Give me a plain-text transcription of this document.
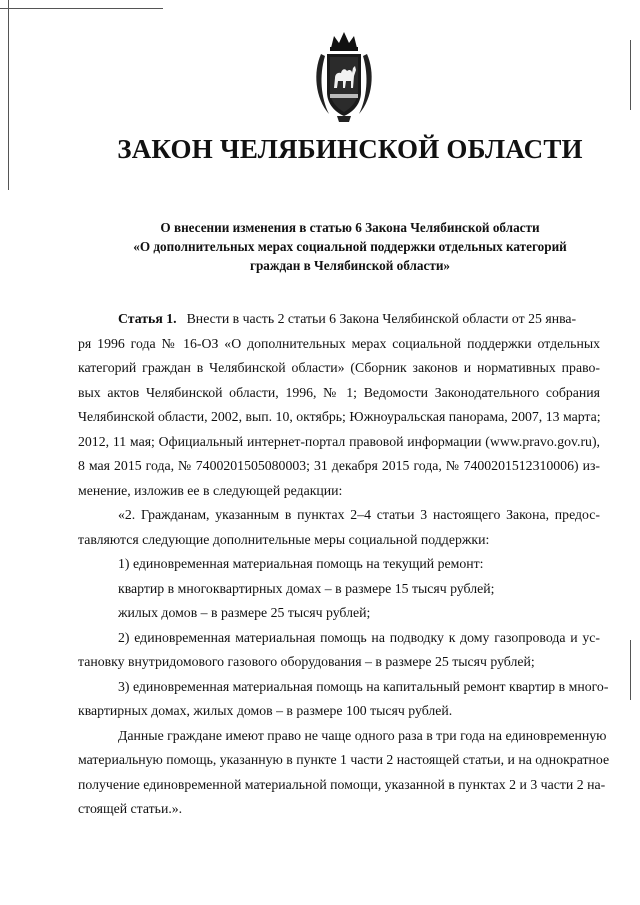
ЗАКОН ЧЕЛЯБИНСКОЙ ОБЛАСТИ
О внесении изменения в статью 6 Закона Челябинской области
«О дополнительных мерах социальной поддержки отдельных категорий
граждан в Челябинской области»
Статья 1. Внести в часть 2 статьи 6 Закона Челябинской области от 25 янва-
ря 1996 года № 16-ОЗ «О дополнительных мерах социальной поддержки отдельных
категорий граждан в Челябинской области» (Сборник законов и нормативных право-
вых актов Челябинской области, 1996, № 1; Ведомости Законодательного собрания
Челябинской области, 2002, вып. 10, октябрь; Южноуральская панорама, 2007, 13 марта;
2012, 11 мая; Официальный интернет-портал правовой информации (www.pravo.gov.ru),
8 мая 2015 года, № 7400201505080003; 31 декабря 2015 года, № 7400201512310006) из-
менение, изложив ее в следующей редакции:
«2. Гражданам, указанным в пунктах 2–4 статьи 3 настоящего Закона, предос-
тавляются следующие дополнительные меры социальной поддержки:
1) единовременная материальная помощь на текущий ремонт:
квартир в многоквартирных домах – в размере 15 тысяч рублей;
жилых домов – в размере 25 тысяч рублей;
2) единовременная материальная помощь на подводку к дому газопровода и ус-
тановку внутридомового газового оборудования – в размере 25 тысяч рублей;
3) единовременная материальная помощь на капитальный ремонт квартир в много-
квартирных домах, жилых домов – в размере 100 тысяч рублей.
Данные граждане имеют право не чаще одного раза в три года на единовременную
материальную помощь, указанную в пункте 1 части 2 настоящей статьи, и на однократное
получение единовременной материальной помощи, указанной в пунктах 2 и 3 части 2 на-
стоящей статьи.».
